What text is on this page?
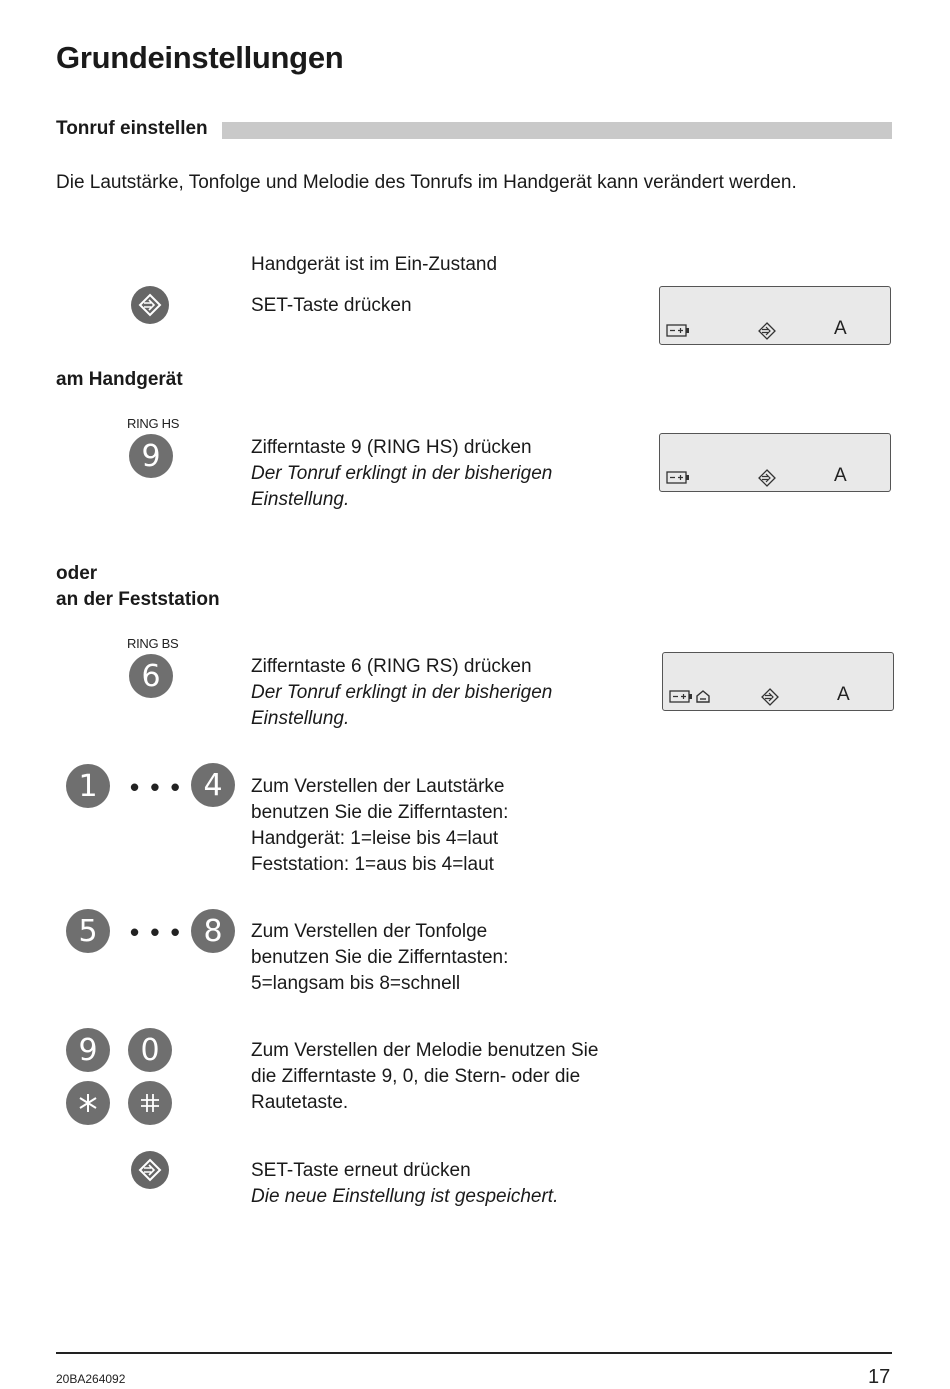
Grundeinstellungen
Tonruf einstellen
Die Lautstärke, Tonfolge und Melodie des Tonrufs im Handgerät kann verändert werden.
Handgerät ist im Ein-Zustand
SET-Taste drücken
A
am Handgerät
RING HS
9	Zifferntaste 9 (RING HS) drücken
Der Tonruf erklingt in der bisherigen
Einstellung.
A
oder
an der Feststation
RING BS
6	Zifferntaste 6 (RING RS) drücken
Der Tonruf erklingt in der bisherigen
Einstellung.
A
1	• • • 4	Zum Verstellen der Lautstärke
benutzen Sie die Zifferntasten:
Handgerät: 1=leise bis 4=laut
Feststation: 1=aus bis 4=laut
5	• • • 8	Zum Verstellen der Tonfolge
benutzen Sie die Zifferntasten:
5=langsam bis 8=schnell
9	0	Zum Verstellen der Melodie benutzen Sie
die Zifferntaste 9, 0, die Stern- oder die
Rautetaste.
SET-Taste erneut drücken
Die neue Einstellung ist gespeichert.
20BA264092	17
